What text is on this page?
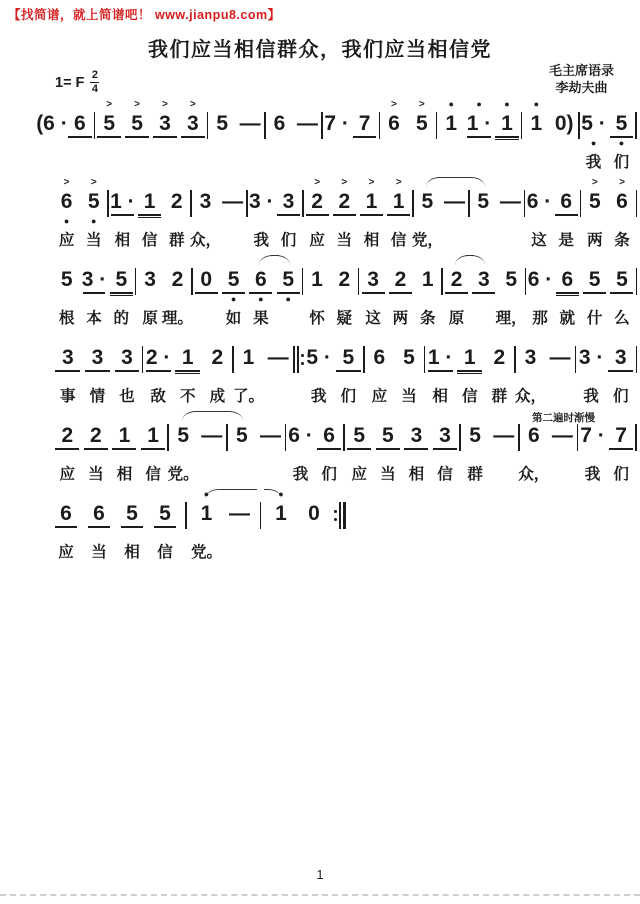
【找简谱，就上简谱吧！ www.jianpu8.com】
我们应当相信群众，我们应当相信党
1= F 2
4
毛主席语录
李劫夫曲
(6 · 6
>
5
>
5
>
3
>
3 5 — 6 — 7 · 7
>
6
>
5
●
1
●
1 ·
●
1
●
1 0) 5 ·
●
我
5
●
们
>
6
●
应
>
5
●
当
1 ·
相
1
信
2
群
3
众，
— 3 ·
我
3
们
>
2
应
>
2
当
>
1
相
>
1
信
5
党，
— 5 — 6 ·
这
6
是
>
5
两
>
6
条
5
根
3 ·
本
5
的
3
原
2
理。
0 5
●
如
6
●
果
5
●
1
怀
2
疑
3
这
2
两
1
条
2
原
3 5
理，
6 ·
那
6
就
5
什
5
么
3
事
3
情
3
也
2 ·
敌
1
不
2
成
1
了。
— 5 ·
我
5
们
6
应
5
当
1 ·
相
1
信
2
群
3
众，
— 3 ·
我
3
们
2
应
2
当
1
相
1
信
5
党。
— 5 — 6 ·
我
6
们
5
应
5
当
3
相
3
信
5
群
— 6
众，
— 7 ·
我
7
们
第二遍时渐慢
6
应
6
当
5
相
5
信
●
1
党。
—
●
1 0
1
